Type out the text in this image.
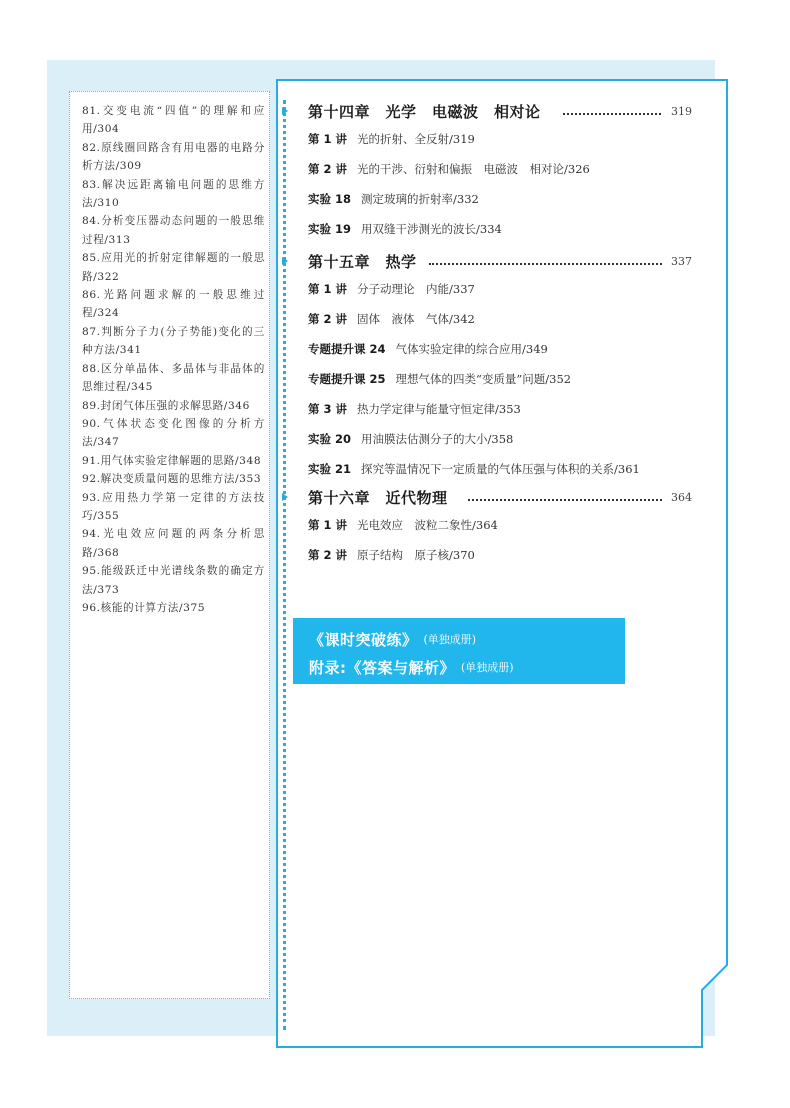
81.交变电流“四值”的理解和应用/304
82.原线圈回路含有用电器的电路分析方法/309
83.解决远距离输电问题的思维方法/310
84.分析变压器动态问题的一般思维过程/313
85.应用光的折射定律解题的一般思路/322
86.光路问题求解的一般思维过程/324
87.判断分子力(分子势能)变化的三种方法/341
88.区分单晶体、多晶体与非晶体的思维过程/345
89.封闭气体压强的求解思路/346
90.气体状态变化图像的分析方法/347
91.用气体实验定律解题的思路/348
92.解决变质量问题的思维方法/353
93.应用热力学第一定律的方法技巧/355
94.光电效应问题的两条分析思路/368
95.能级跃迁中光谱线条数的确定方法/373
96.核能的计算方法/375
第十四章　光学　电磁波　相对论	319
第 1 讲 光的折射、全反射/319
第 2 讲 光的干涉、衍射和偏振　电磁波　相对论/326
实验 18 测定玻璃的折射率/332
实验 19 用双缝干涉测光的波长/334
第十五章　热学	337
第 1 讲 分子动理论　内能/337
第 2 讲 固体　液体　气体/342
专题提升课 24 气体实验定律的综合应用/349
专题提升课 25 理想气体的四类“变质量”问题/352
第 3 讲 热力学定律与能量守恒定律/353
实验 20 用油膜法估测分子的大小/358
实验 21 探究等温情况下一定质量的气体压强与体积的关系/361
第十六章　近代物理	364
第 1 讲 光电效应　波粒二象性/364
第 2 讲 原子结构　原子核/370
《课时突破练》 (单独成册)
附录:《答案与解析》 (单独成册)
